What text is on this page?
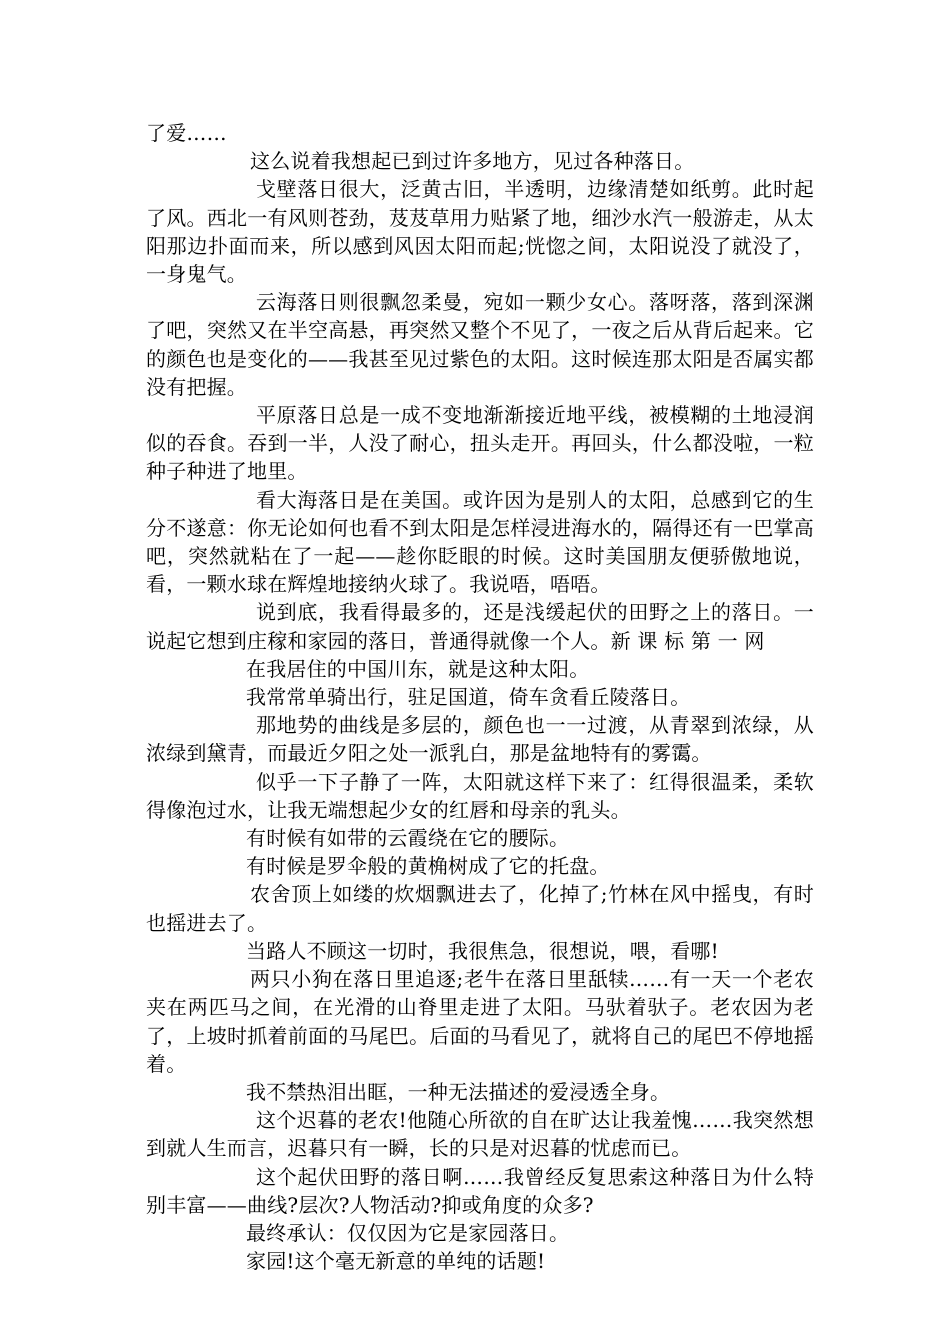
了爱……

这么说着我想起已到过许多地方，见过各种落日。

戈壁落日很大，泛黄古旧，半透明，边缘清楚如纸剪。此时起了风。西北一有风则苍劲，芨芨草用力贴紧了地，细沙水汽一般游走，从太阳那边扑面而来，所以感到风因太阳而起;恍惚之间，太阳说没了就没了，一身鬼气。

云海落日则很飘忽柔曼，宛如一颗少女心。落呀落，落到深渊了吧，突然又在半空高悬，再突然又整个不见了，一夜之后从背后起来。它的颜色也是变化的——我甚至见过紫色的太阳。这时候连那太阳是否属实都没有把握。

平原落日总是一成不变地渐渐接近地平线，被模糊的土地浸润似的吞食。吞到一半，人没了耐心，扭头走开。再回头，什么都没啦，一粒种子种进了地里。

看大海落日是在美国。或许因为是别人的太阳，总感到它的生分不遂意：你无论如何也看不到太阳是怎样浸进海水的，隔得还有一巴掌高吧，突然就粘在了一起——趁你眨眼的时候。这时美国朋友便骄傲地说，看，一颗水球在辉煌地接纳火球了。我说唔，唔唔。

说到底，我看得最多的，还是浅缓起伏的田野之上的落日。一说起它想到庄稼和家园的落日，普通得就像一个人。新 课 标 第 一 网

在我居住的中国川东，就是这种太阳。

我常常单骑出行，驻足国道，倚车贪看丘陵落日。

那地势的曲线是多层的，颜色也一一过渡，从青翠到浓绿，从浓绿到黛青，而最近夕阳之处一派乳白，那是盆地特有的雾霭。

似乎一下子静了一阵，太阳就这样下来了：红得很温柔，柔软得像泡过水，让我无端想起少女的红唇和母亲的乳头。

有时候有如带的云霞绕在它的腰际。

有时候是罗伞般的黄桷树成了它的托盘。

农舍顶上如缕的炊烟飘进去了，化掉了;竹林在风中摇曳，有时也摇进去了。

当路人不顾这一切时，我很焦急，很想说，喂，看哪!

两只小狗在落日里追逐;老牛在落日里舐犊……有一天一个老农夹在两匹马之间，在光滑的山脊里走进了太阳。马驮着驮子。老农因为老了，上坡时抓着前面的马尾巴。后面的马看见了，就将自己的尾巴不停地摇着。

我不禁热泪出眶，一种无法描述的爱浸透全身。

这个迟暮的老农!他随心所欲的自在旷达让我羞愧……我突然想到就人生而言，迟暮只有一瞬，长的只是对迟暮的忧虑而已。

这个起伏田野的落日啊……我曾经反复思索这种落日为什么特别丰富——曲线?层次?人物活动?抑或角度的众多?

最终承认：仅仅因为它是家园落日。

家园!这个毫无新意的单纯的话题!
